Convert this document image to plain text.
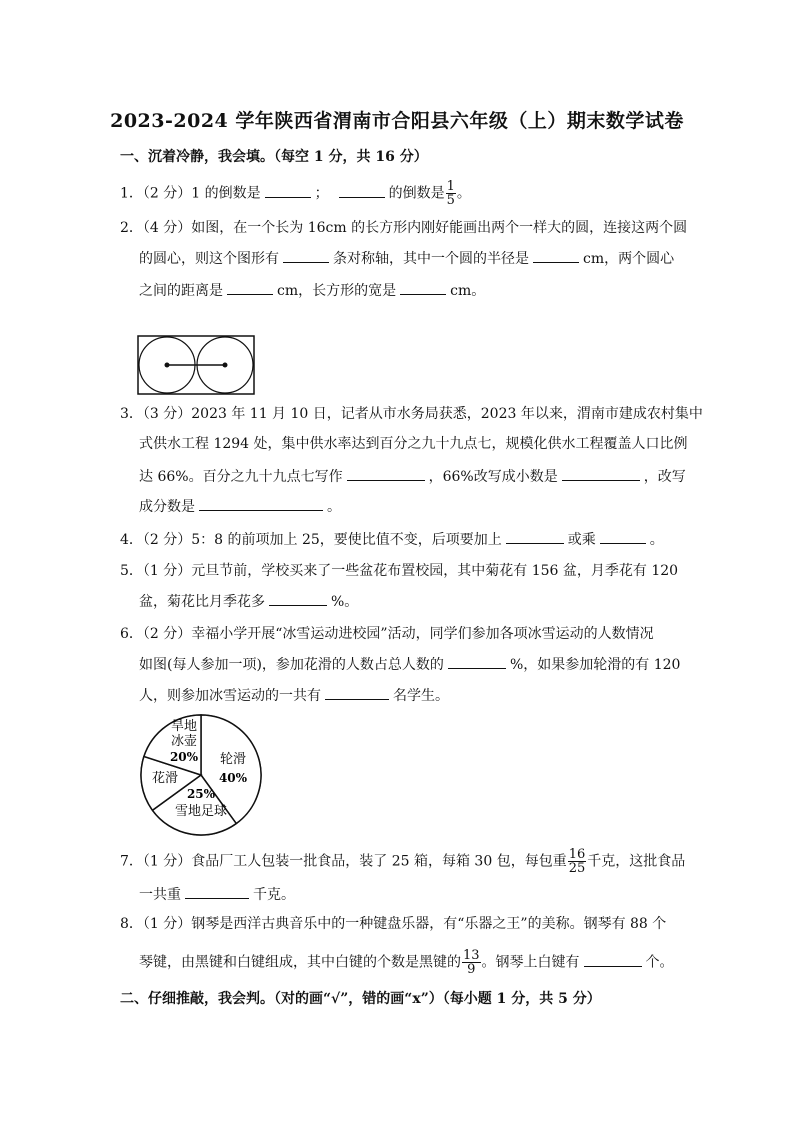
2023-2024 学年陕西省渭南市合阳县六年级（上）期末数学试卷
一、沉着冷静，我会填。（每空 1 分，共 16 分）
1．（2 分）1 的倒数是	；	的倒数是 $\frac{1}{5}$ 。
2．（4 分）如图，在一个长为 16cm 的长方形内刚好能画出两个一样大的圆，连接这两个圆
的圆心，则这个图形有	条对称轴，其中一个圆的半径是	cm，两个圆心
之间的距离是	cm，长方形的宽是	cm。
3．（3 分）2023 年 11 月 10 日，记者从市水务局获悉，2023 年以来，渭南市建成农村集中
式供水工程 1294 处，集中供水率达到百分之九十九点七，规模化供水工程覆盖人口比例
达 66%。百分之九十九点七写作	，66%改写成小数是	，改写
成分数是	。
4．（2 分）5：8 的前项加上 25，要使比值不变，后项要加上	或乘	。
5．（1 分）元旦节前，学校买来了一些盆花布置校园，其中菊花有 156 盆，月季花有 120
盆，菊花比月季花多	%。
6．（2 分）幸福小学开展“冰雪运动进校园”活动，同学们参加各项冰雪运动的人数情况
如图(每人参加一项)，参加花滑的人数占总人数的	%，如果参加轮滑的有 120
人，则参加冰雪运动的一共有	名学生。
轮滑
40%
25%
雪地足球
花滑
旱地
冰壶
20%
7．（1 分）食品厂工人包装一批食品，装了 25 箱，每箱 30 包，每包重 $\frac{16}{25}$ 千克，这批食品
一共重	千克。
8．（1 分）钢琴是西洋古典音乐中的一种键盘乐器，有“乐器之王”的美称。钢琴有 88 个
琴键，由黑键和白键组成，其中白键的个数是黑键的 $\frac{13}{9}$ 。钢琴上白键有	个。
二、仔细推敲，我会判。（对的画“√”，错的画“x”）（每小题 1 分，共 5 分）
